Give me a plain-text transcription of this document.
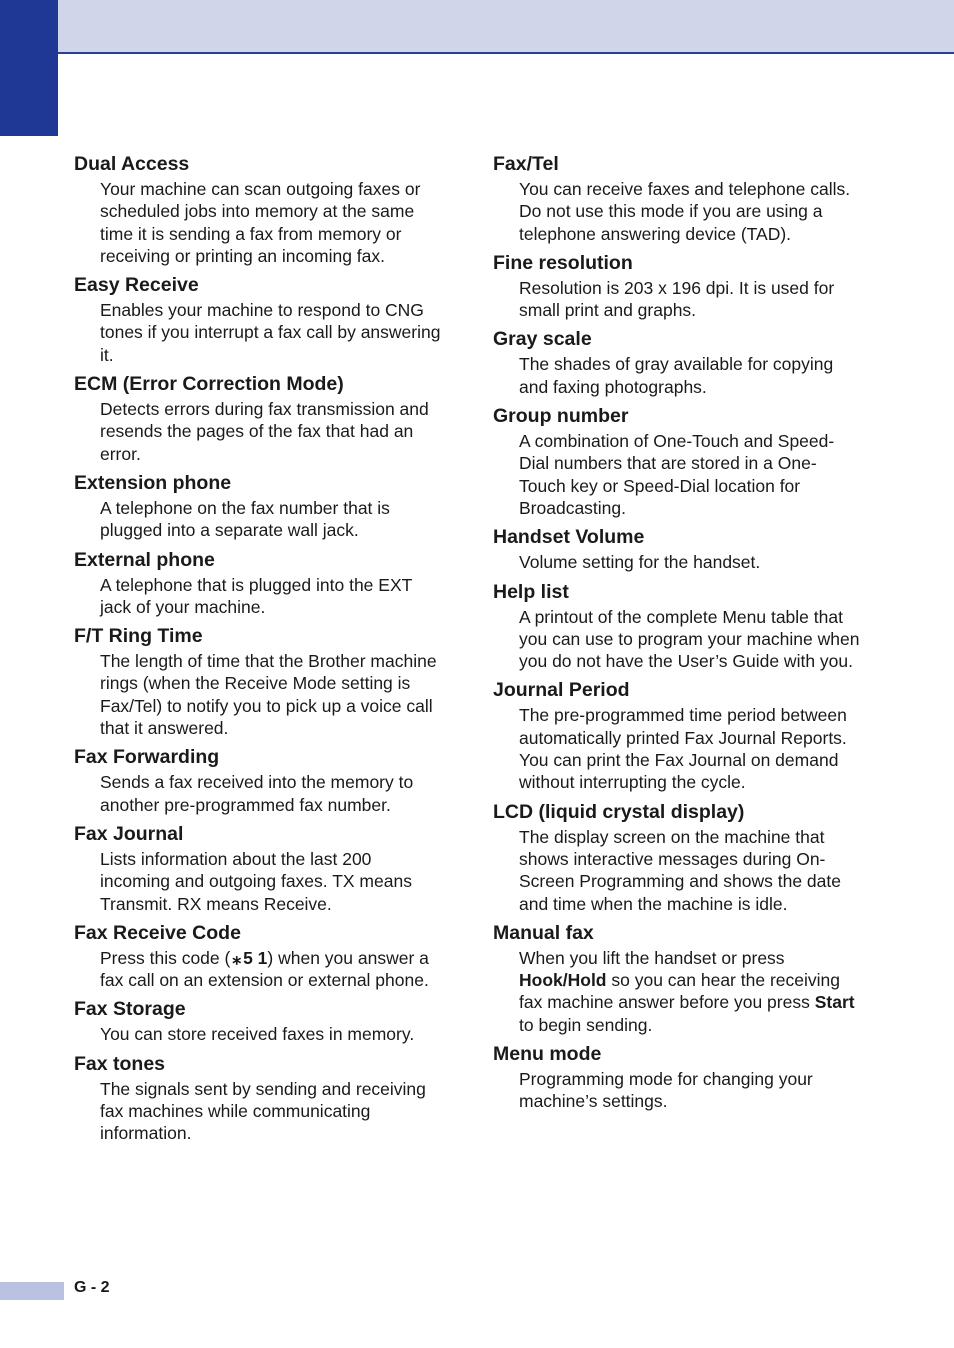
Dual Access

Your machine can scan outgoing faxes or scheduled jobs into memory at the same time it is sending a fax from memory or receiving or printing an incoming fax.

Easy Receive

Enables your machine to respond to CNG tones if you interrupt a fax call by answering it.

ECM (Error Correction Mode)

Detects errors during fax transmission and resends the pages of the fax that had an error.

Extension phone

A telephone on the fax number that is plugged into a separate wall jack.

External phone

A telephone that is plugged into the EXT jack of your machine.

F/T Ring Time

The length of time that the Brother machine rings (when the Receive Mode setting is Fax/Tel) to notify you to pick up a voice call that it answered.

Fax Forwarding

Sends a fax received into the memory to another pre-programmed fax number.

Fax Journal

Lists information about the last 200 incoming and outgoing faxes. TX means Transmit. RX means Receive.

Fax Receive Code

Press this code ( ⁎ 5 1) when you answer a fax call on an extension or external phone.

Fax Storage

You can store received faxes in memory.

Fax tones

The signals sent by sending and receiving fax machines while communicating information.

Fax/Tel

You can receive faxes and telephone calls. Do not use this mode if you are using a telephone answering device (TAD).

Fine resolution

Resolution is 203 x 196 dpi. It is used for small print and graphs.

Gray scale

The shades of gray available for copying and faxing photographs.

Group number

A combination of One-Touch and Speed-Dial numbers that are stored in a One-Touch key or Speed-Dial location for Broadcasting.

Handset Volume

Volume setting for the handset.

Help list

A printout of the complete Menu table that you can use to program your machine when you do not have the User’s Guide with you.

Journal Period

The pre-programmed time period between automatically printed Fax Journal Reports. You can print the Fax Journal on demand without interrupting the cycle.

LCD (liquid crystal display)

The display screen on the machine that shows interactive messages during On-Screen Programming and shows the date and time when the machine is idle.

Manual fax

When you lift the handset or press Hook/Hold so you can hear the receiving fax machine answer before you press Start to begin sending.

Menu mode

Programming mode for changing your machine’s settings.

G - 2
